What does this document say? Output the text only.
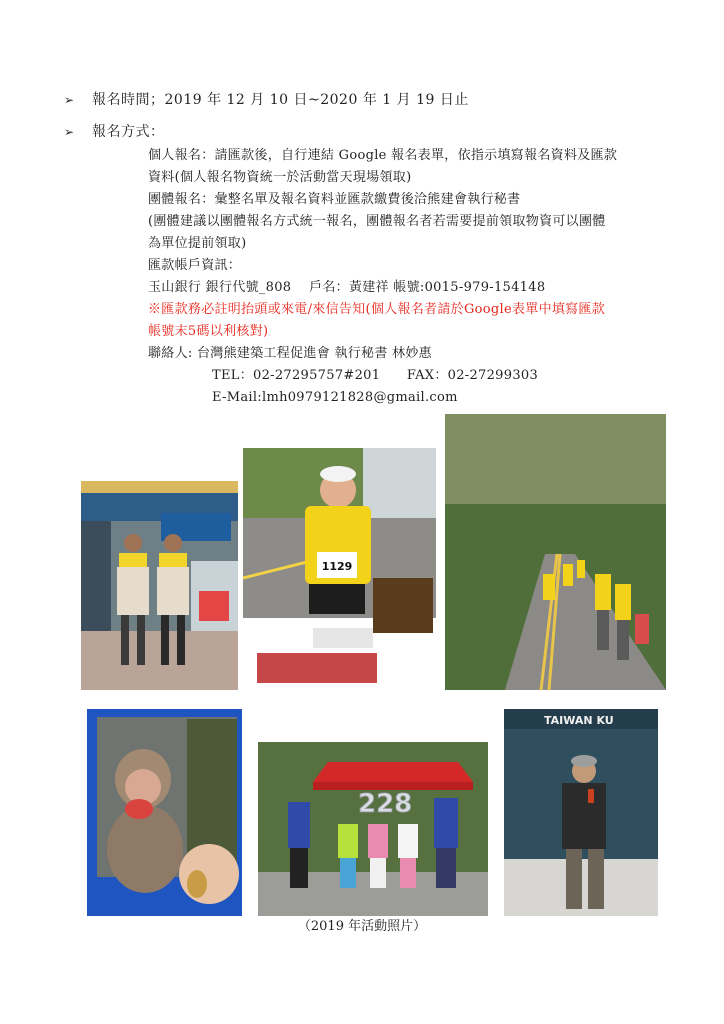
➢ 報名時間；2019 年 12 月 10 日~2020 年 1 月 19 日止
➢ 報名方式：
個人報名：請匯款後，自行連結 Google 報名表單，依指示填寫報名資料及匯款
資料(個人報名物資統一於活動當天現場領取)
團體報名：彙整名單及報名資料並匯款繳費後洽熊建會執行秘書
(團體建議以團體報名方式統一報名，團體報名者若需要提前領取物資可以團體
為單位提前領取)
匯款帳戶資訊：
玉山銀行 銀行代號_808　 戶名：黃建祥 帳號:0015-979-154148
※匯款務必註明抬頭或來電/來信告知(個人報名者請於Google表單中填寫匯款
帳號末5碼以利核對)
聯絡人: 台灣熊建築工程促進會 執行秘書 林妙惠
TEL：02-27295757#201　　FAX：02-27299303
E-Mail:lmh0979121828@gmail.com
1129
228
TAIWAN KU
（2019 年活動照片）
